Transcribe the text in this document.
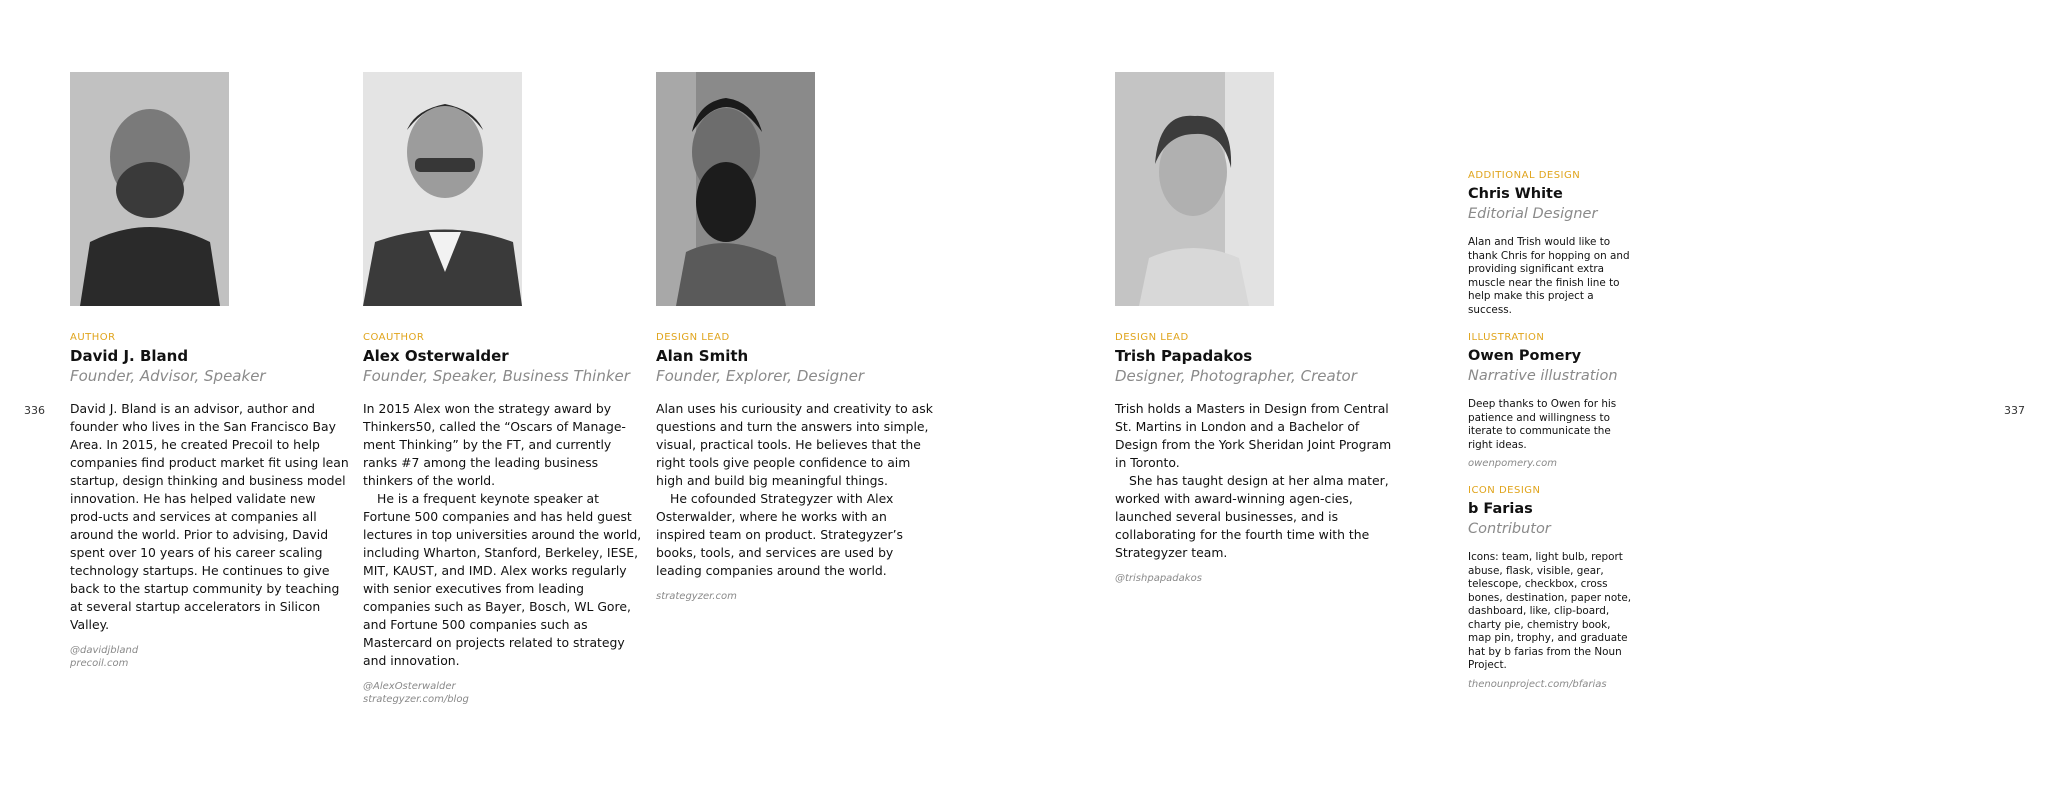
336	337
AUTHOR
David J. Bland
Founder, Advisor, Speaker

David J. Bland is an advisor, author and founder who lives in the San Francisco Bay Area. In 2015, he created Precoil to help companies find product market fit using lean startup, design thinking and business model innovation. He has helped validate new prod-ucts and services at companies all around the world. Prior to advising, David spent over 10 years of his career scaling technology startups. He continues to give back to the startup community by teaching at several startup accelerators in Silicon Valley.

@davidjbland
precoil.com
COAUTHOR
Alex Osterwalder
Founder, Speaker, Business Thinker

In 2015 Alex won the strategy award by Thinkers50, called the “Oscars of Manage-ment Thinking” by the FT, and currently ranks #7 among the leading business thinkers of the world.

He is a frequent keynote speaker at Fortune 500 companies and has held guest lectures in top universities around the world, including Wharton, Stanford, Berkeley, IESE, MIT, KAUST, and IMD. Alex works regularly with senior executives from leading companies such as Bayer, Bosch, WL Gore, and Fortune 500 companies such as Mastercard on projects related to strategy and innovation.

@AlexOsterwalder
strategyzer.com/blog
DESIGN LEAD
Alan Smith
Founder, Explorer, Designer

Alan uses his curiousity and creativity to ask questions and turn the answers into simple, visual, practical tools. He believes that the right tools give people confidence to aim high and build big meaningful things.

He cofounded Strategyzer with Alex Osterwalder, where he works with an inspired team on product. Strategyzer’s books, tools, and services are used by leading companies around the world.

strategyzer.com
DESIGN LEAD
Trish Papadakos
Designer, Photographer, Creator

Trish holds a Masters in Design from Central St. Martins in London and a Bachelor of Design from the York Sheridan Joint Program in Toronto.

She has taught design at her alma mater, worked with award-winning agen-cies, launched several businesses, and is collaborating for the fourth time with the Strategyzer team.

@trishpapadakos
ADDITIONAL DESIGN
Chris White
Editorial Designer
Alan and Trish would like to thank Chris for hopping on and providing significant extra muscle near the finish line to help make this project a success.
ILLUSTRATION
Owen Pomery
Narrative illustration
Deep thanks to Owen for his patience and willingness to iterate to communicate the right ideas.
owenpomery.com
ICON DESIGN
b Farias
Contributor
Icons: team, light bulb, report abuse, flask, visible, gear, telescope, checkbox, cross bones, destination, paper note, dashboard, like, clip-board, charty pie, chemistry book, map pin, trophy, and graduate hat by b farias from the Noun Project.
thenounproject.com/bfarias
